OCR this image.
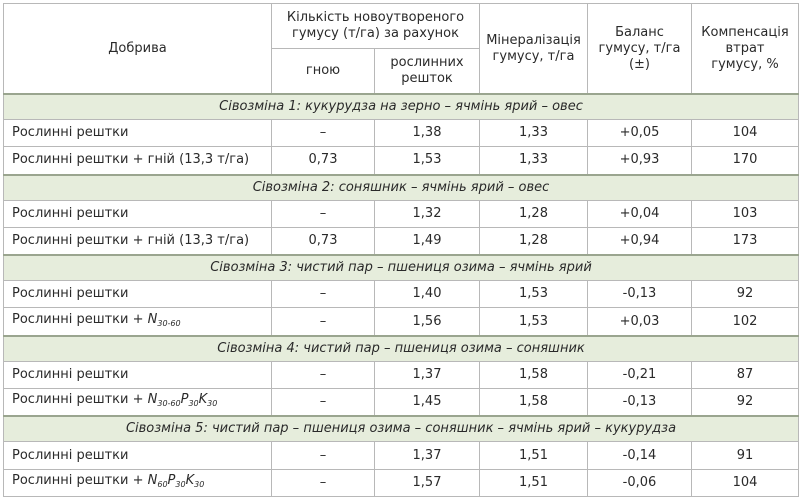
Добрива	Кількість новоутвореного гумусу (т/га) за рахунок		Мінералізація гумусу, т/га	Баланс гумусу, т/га (±)	Компенсація втрат гумусу, %
	гною	рослинних решток			
Сівозміна 1: кукурудза на зерно – ячмінь ярий – овес					
Рослинні рештки	–	1,38	1,33	+0,05	104
Рослинні рештки + гній (13,3 т/га)	0,73	1,53	1,33	+0,93	170
Сівозміна 2: соняшник – ячмінь ярий – овес					
Рослинні рештки	–	1,32	1,28	+0,04	103
Рослинні рештки + гній (13,3 т/га)	0,73	1,49	1,28	+0,94	173
Сівозміна 3: чистий пар – пшениця озима – ячмінь ярий					
Рослинні рештки	–	1,40	1,53	-0,13	92
Рослинні рештки + $N_{30-60}$	–	1,56	1,53	+0,03	102
Сівозміна 4: чистий пар – пшениця озима – соняшник					
Рослинні рештки	–	1,37	1,58	-0,21	87
Рослинні рештки + $N_{30-60}P_{30}K_{30}$	–	1,45	1,58	-0,13	92
Сівозміна 5: чистий пар – пшениця озима – соняшник – ячмінь ярий – кукурудза					
Рослинні рештки	–	1,37	1,51	-0,14	91
Рослинні рештки + $N_{60}P_{30}K_{30}$	–	1,57	1,51	-0,06	104
